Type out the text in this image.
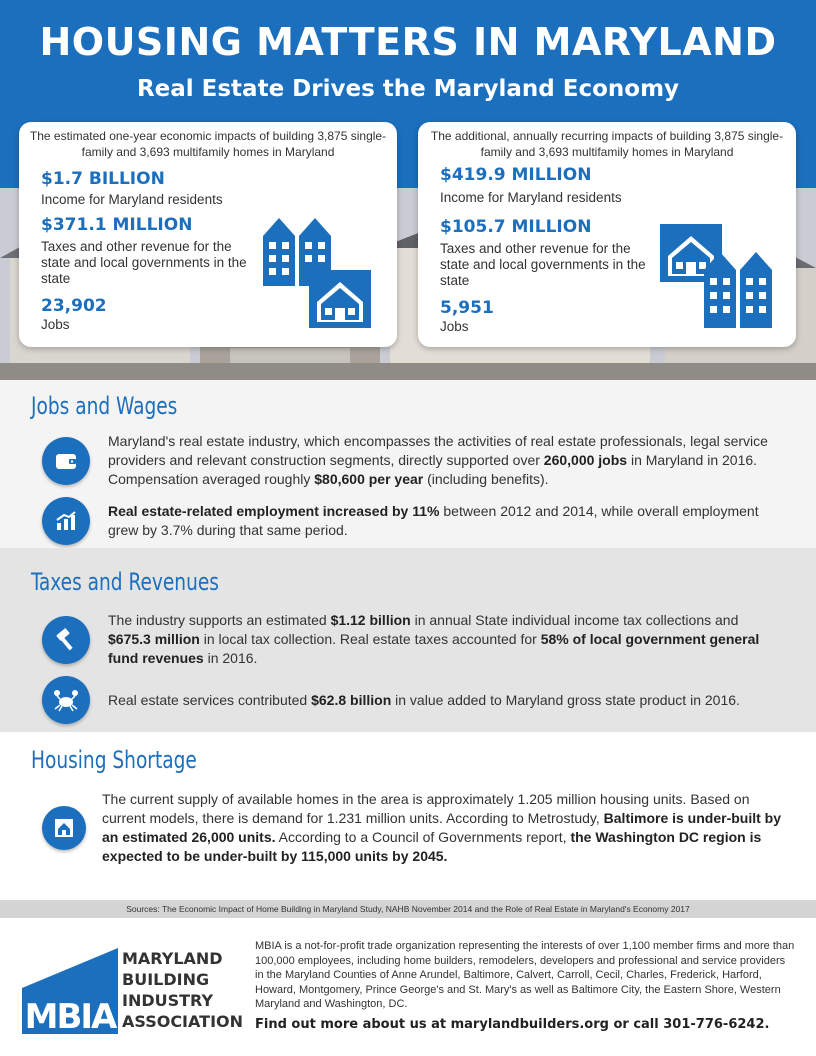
HOUSING MATTERS IN MARYLAND
Real Estate Drives the Maryland Economy
The estimated one-year economic impacts of building 3,875 single-family and 3,693 multifamily homes in Maryland
$1.7 BILLION
Income for Maryland residents
$371.1 MILLION
Taxes and other revenue for the state and local governments in the state
23,902
Jobs
The additional, annually recurring impacts of building 3,875 single-family and 3,693 multifamily homes in Maryland
$419.9 MILLION
Income for Maryland residents
$105.7 MILLION
Taxes and other revenue for the state and local governments in the state
5,951
Jobs
Jobs and Wages
Maryland's real estate industry, which encompasses the activities of real estate professionals, legal service providers and relevant construction segments, directly supported over 260,000 jobs in Maryland in 2016. Compensation averaged roughly $80,600 per year (including benefits).
Real estate-related employment increased by 11% between 2012 and 2014, while overall employment grew by 3.7% during that same period.
Taxes and Revenues
The industry supports an estimated $1.12 billion in annual State individual income tax collections and $675.3 million in local tax collection. Real estate taxes accounted for 58% of local government general fund revenues in 2016.
Real estate services contributed $62.8 billion in value added to Maryland gross state product in 2016.
Housing Shortage
The current supply of available homes in the area is approximately 1.205 million housing units. Based on current models, there is demand for 1.231 million units. According to Metrostudy, Baltimore is under-built by an estimated 26,000 units. According to a Council of Governments report, the Washington DC region is expected to be under-built by 115,000 units by 2045.
Sources: The Economic Impact of Home Building in Maryland Study, NAHB November 2014 and the Role of Real Estate in Maryland's Economy 2017
MBIA
MARYLAND
BUILDING
INDUSTRY
ASSOCIATION
MBIA is a not-for-profit trade organization representing the interests of over 1,100 member firms and more than 100,000 employees, including home builders, remodelers, developers and professional and service providers in the Maryland Counties of Anne Arundel, Baltimore, Calvert, Carroll, Cecil, Charles, Frederick, Harford, Howard, Montgomery, Prince George's and St. Mary's as well as Baltimore City, the Eastern Shore, Western Maryland and Washington, DC.
Find out more about us at marylandbuilders.org or call 301-776-6242.
